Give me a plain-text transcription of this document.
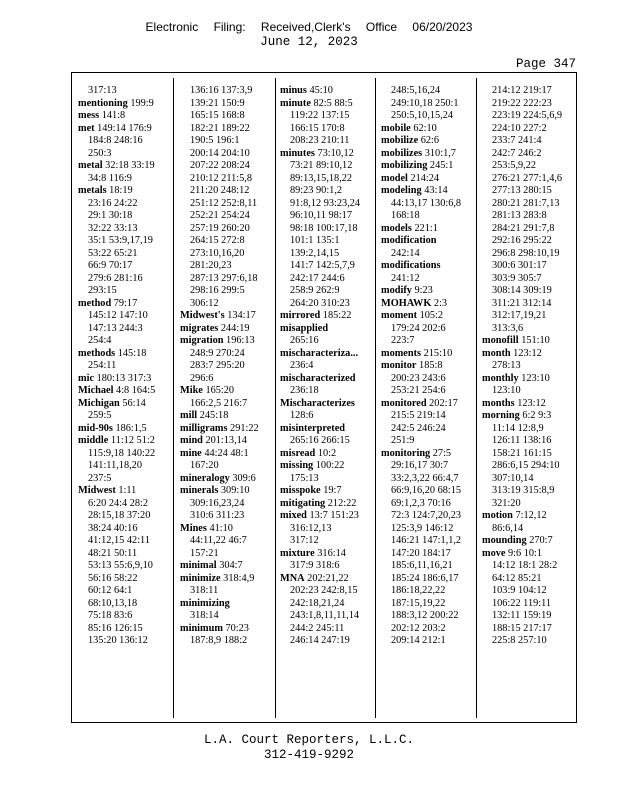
Electronic Filing: Received,Clerk's Office 06/20/2023
June 12, 2023
Page 347
317:13
mentioning 199:9
mess 141:8
met 149:14 176:9
184:8 248:16
250:3
metal 32:18 33:19
34:8 116:9
metals 18:19
23:16 24:22
29:1 30:18
32:22 33:13
35:1 53:9,17,19
53:22 65:21
66:9 70:17
279:6 281:16
293:15
method 79:17
145:12 147:10
147:13 244:3
254:4
methods 145:18
254:11
mic 180:13 317:3
Michael 4:8 164:5
Michigan 56:14
259:5
mid-90s 186:1,5
middle 11:12 51:2
115:9,18 140:22
141:11,18,20
237:5
Midwest 1:11
6:20 24:4 28:2
28:15,18 37:20
38:24 40:16
41:12,15 42:11
48:21 50:11
53:13 55:6,9,10
56:16 58:22
60:12 64:1
68:10,13,18
75:18 83:6
85:16 126:15
135:20 136:12
136:16 137:3,9
139:21 150:9
165:15 168:8
182:21 189:22
190:5 196:1
200:14 204:10
207:22 208:24
210:12 211:5,8
211:20 248:12
251:12 252:8,11
252:21 254:24
257:19 260:20
264:15 272:8
273:10,16,20
281:20,23
287:13 297:6,18
298:16 299:5
306:12
Midwest's 134:17
migrates 244:19
migration 196:13
248:9 270:24
283:7 295:20
296:6
Mike 165:20
166:2,5 216:7
mill 245:18
milligrams 291:22
mind 201:13,14
mine 44:24 48:1
167:20
mineralogy 309:6
minerals 309:10
309:16,23,24
310:6 311:23
Mines 41:10
44:11,22 46:7
157:21
minimal 304:7
minimize 318:4,9
318:11
minimizing
318:14
minimum 70:23
187:8,9 188:2
minus 45:10
minute 82:5 88:5
119:22 137:15
166:15 170:8
208:23 210:11
minutes 73:10,12
73:21 89:10,12
89:13,15,18,22
89:23 90:1,2
91:8,12 93:23,24
96:10,11 98:17
98:18 100:17,18
101:1 135:1
139:2,14,15
141:7 142:5,7,9
242:17 244:6
258:9 262:9
264:20 310:23
mirrored 185:22
misapplied
265:16
mischaracteriza...
236:4
mischaracterized
236:18
Mischaracterizes
128:6
misinterpreted
265:16 266:15
misread 10:2
missing 100:22
175:13
misspoke 19:7
mitigating 212:22
mixed 13:7 151:23
316:12,13
317:12
mixture 316:14
317:9 318:6
MNA 202:21,22
202:23 242:8,15
242:18,21,24
243:1,8,11,11,14
244:2 245:11
246:14 247:19
248:5,16,24
249:10,18 250:1
250:5,10,15,24
mobile 62:10
mobilize 62:6
mobilizes 310:1,7
mobilizing 245:1
model 214:24
modeling 43:14
44:13,17 130:6,8
168:18
models 221:1
modification
242:14
modifications
241:12
modify 9:23
MOHAWK 2:3
moment 105:2
179:24 202:6
223:7
moments 215:10
monitor 185:8
200:23 243:6
253:21 254:6
monitored 202:17
215:5 219:14
242:5 246:24
251:9
monitoring 27:5
29:16,17 30:7
33:2,3,22 66:4,7
66:9,16,20 68:15
69:1,2,3 70:16
72:3 124:7,20,23
125:3,9 146:12
146:21 147:1,1,2
147:20 184:17
185:6,11,16,21
185:24 186:6,17
186:18,22,22
187:15,19,22
188:3,12 200:22
202:12 203:2
209:14 212:1
214:12 219:17
219:22 222:23
223:19 224:5,6,9
224:10 227:2
233:7 241:4
242:7 246:2
253:5,9,22
276:21 277:1,4,6
277:13 280:15
280:21 281:7,13
281:13 283:8
284:21 291:7,8
292:16 295:22
296:8 298:10,19
300:6 301:17
303:9 305:7
308:14 309:19
311:21 312:14
312:17,19,21
313:3,6
monofill 151:10
month 123:12
278:13
monthly 123:10
123:10
months 123:12
morning 6:2 9:3
11:14 12:8,9
126:11 138:16
158:21 161:15
286:6,15 294:10
307:10,14
313:19 315:8,9
321:20
motion 7:12,12
86:6,14
mounding 270:7
move 9:6 10:1
14:12 18:1 28:2
64:12 85:21
103:9 104:12
106:22 119:11
132:11 159:19
188:15 217:17
225:8 257:10
L.A. Court Reporters, L.L.C.
312-419-9292
